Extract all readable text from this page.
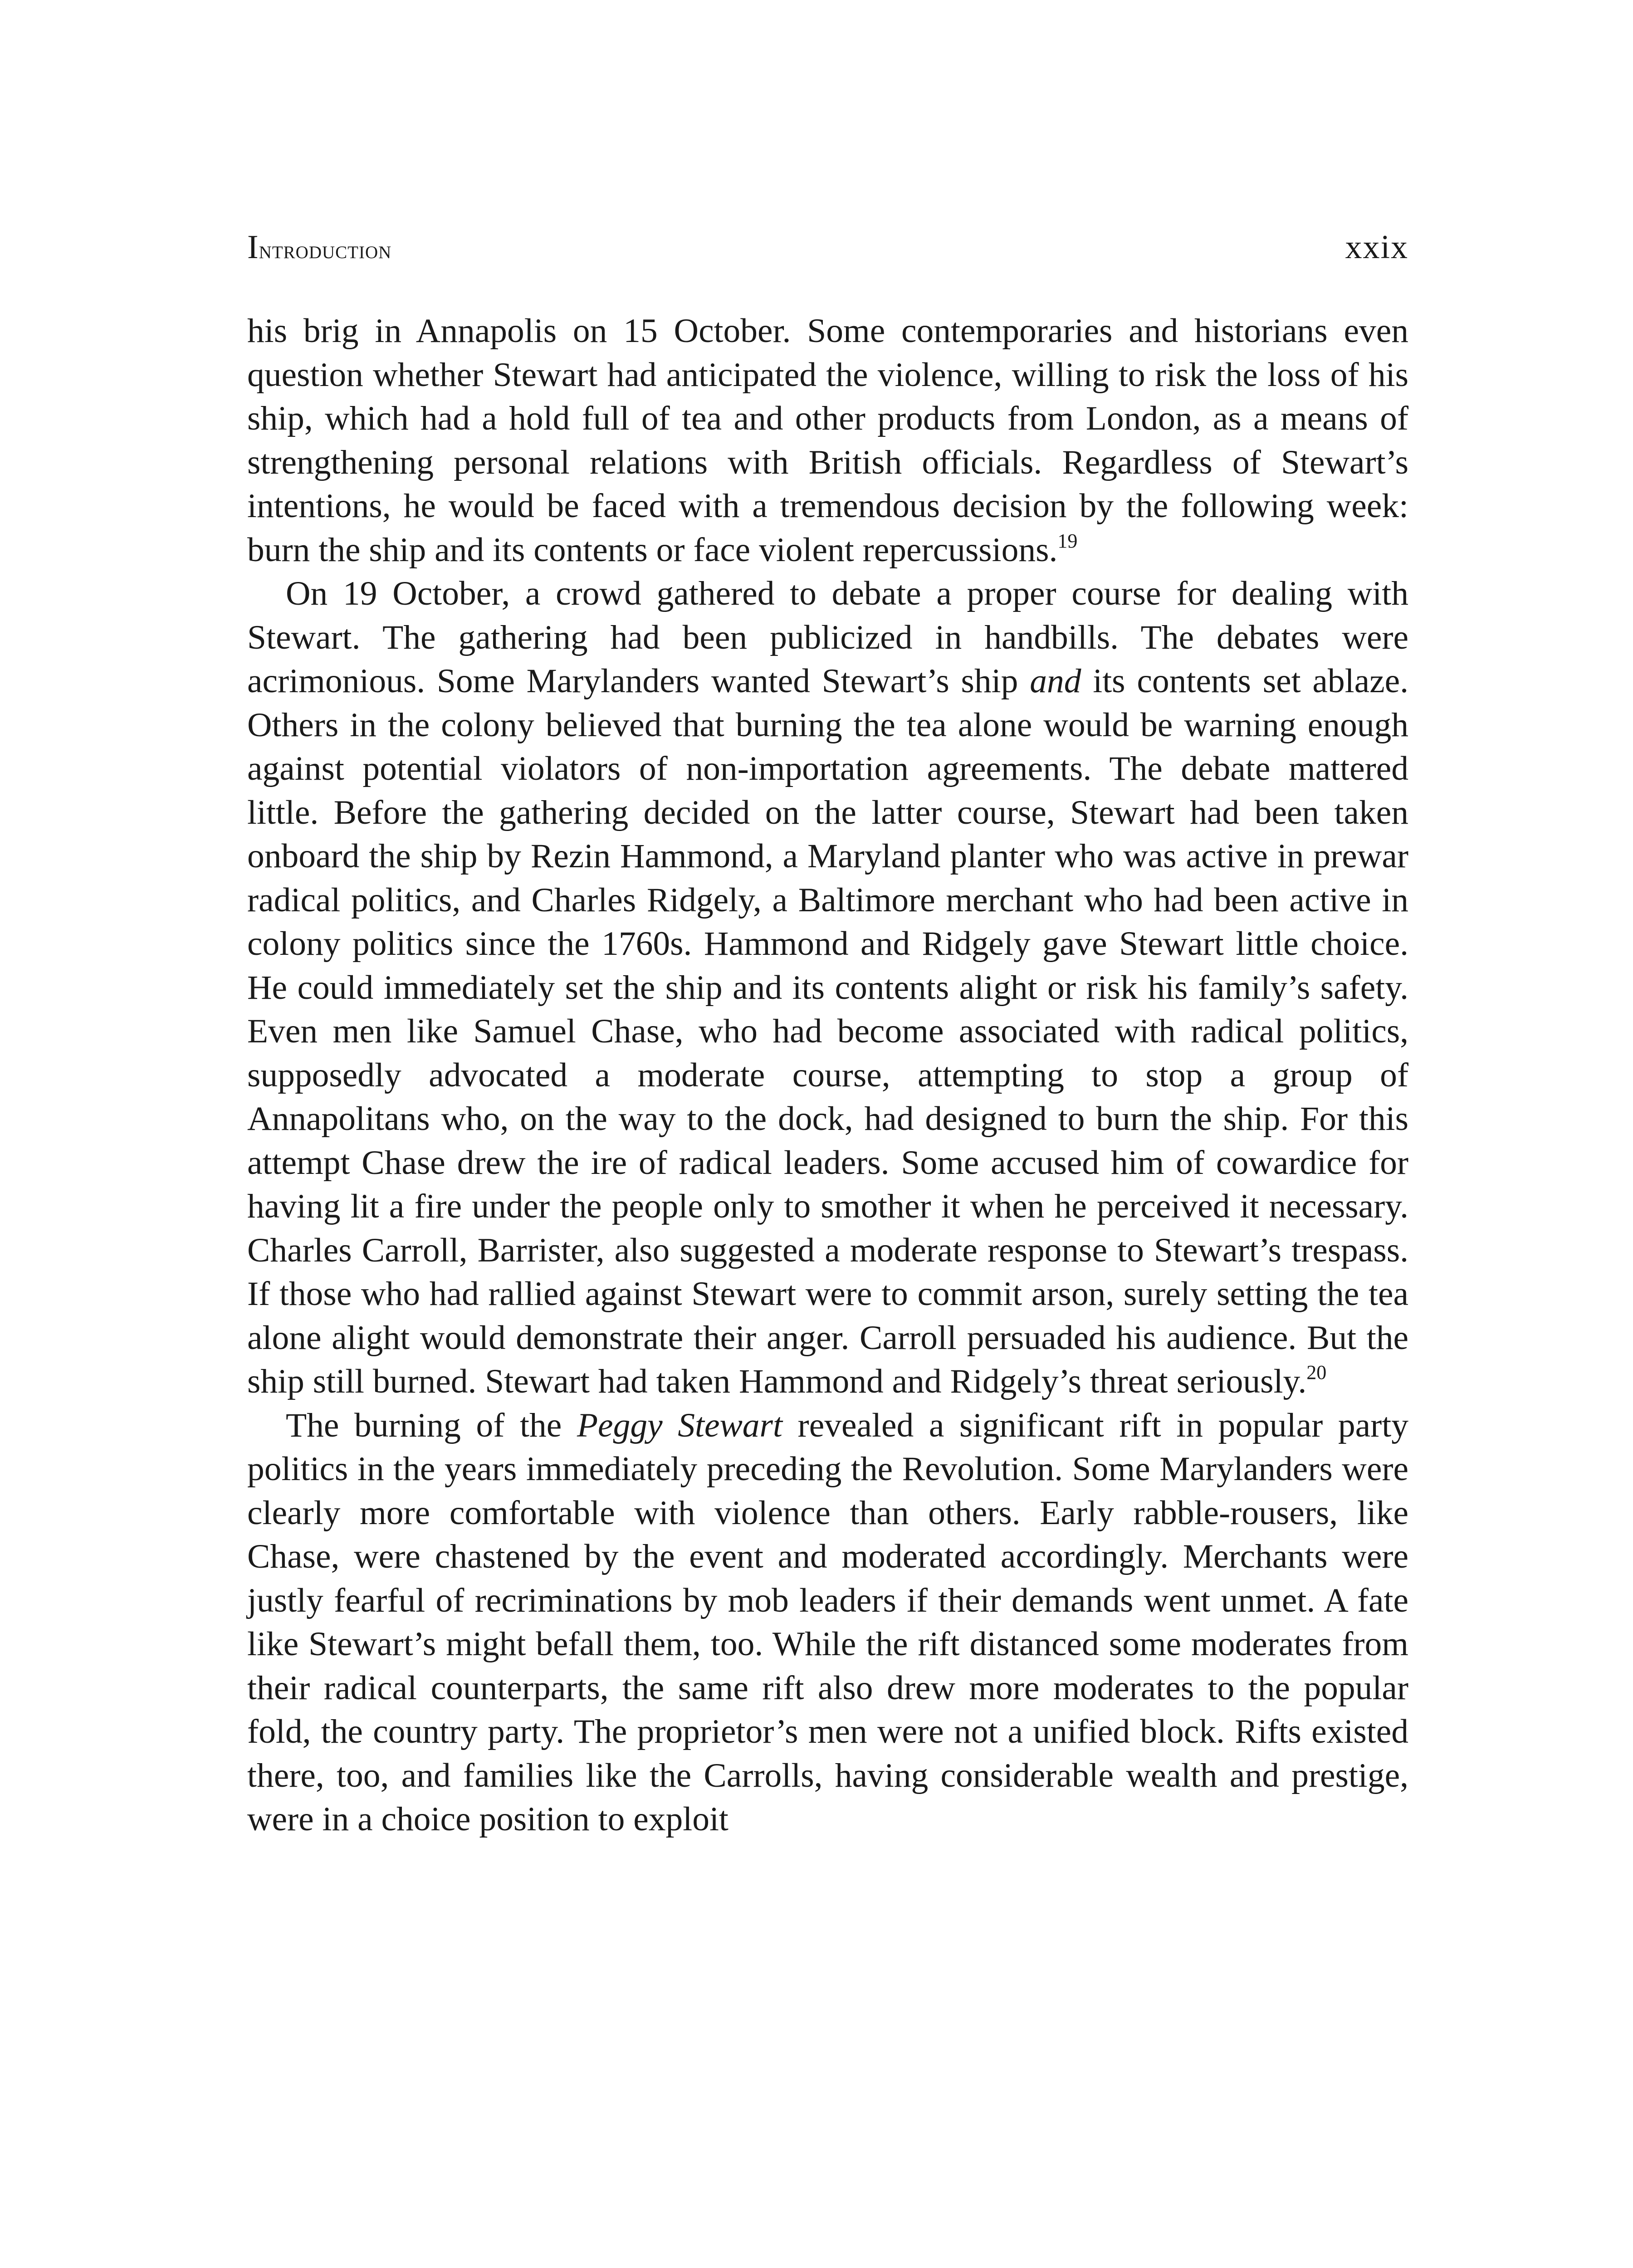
Introduction	xxix

his brig in Annapolis on 15 October. Some contemporaries and historians even question whether Stewart had anticipated the violence, willing to risk the loss of his ship, which had a hold full of tea and other products from London, as a means of strengthening personal relations with British officials. Regardless of Stewart’s intentions, he would be faced with a tremendous decision by the following week: burn the ship and its contents or face violent repercussions.$^{19}$

On 19 October, a crowd gathered to debate a proper course for dealing with Stewart. The gathering had been publicized in handbills. The debates were acrimonious. Some Marylanders wanted Stewart’s ship and its contents set ablaze. Others in the colony believed that burning the tea alone would be warning enough against potential violators of non-importation agreements. The debate mattered little. Before the gathering decided on the latter course, Stewart had been taken onboard the ship by Rezin Hammond, a Maryland planter who was active in prewar radical politics, and Charles Ridgely, a Baltimore merchant who had been active in colony politics since the 1760s. Hammond and Ridgely gave Stewart little choice. He could immediately set the ship and its contents alight or risk his family’s safety. Even men like Samuel Chase, who had become associated with radical politics, supposedly advocated a moderate course, attempting to stop a group of Annapolitans who, on the way to the dock, had designed to burn the ship. For this attempt Chase drew the ire of radical leaders. Some accused him of cowardice for having lit a fire under the people only to smother it when he perceived it necessary. Charles Carroll, Barrister, also suggested a moderate response to Stewart’s trespass. If those who had rallied against Stewart were to commit arson, surely setting the tea alone alight would demonstrate their anger. Carroll persuaded his audience. But the ship still burned. Stewart had taken Hammond and Ridgely’s threat seriously.$^{20}$

The burning of the Peggy Stewart revealed a significant rift in popular party politics in the years immediately preceding the Revolution. Some Marylanders were clearly more comfortable with violence than others. Early rabble-rousers, like Chase, were chastened by the event and moderated accordingly. Merchants were justly fearful of recriminations by mob leaders if their demands went unmet. A fate like Stewart’s might befall them, too. While the rift distanced some moderates from their radical counterparts, the same rift also drew more moderates to the popular fold, the country party. The proprietor’s men were not a unified block. Rifts existed there, too, and families like the Carrolls, having considerable wealth and prestige, were in a choice position to exploit
